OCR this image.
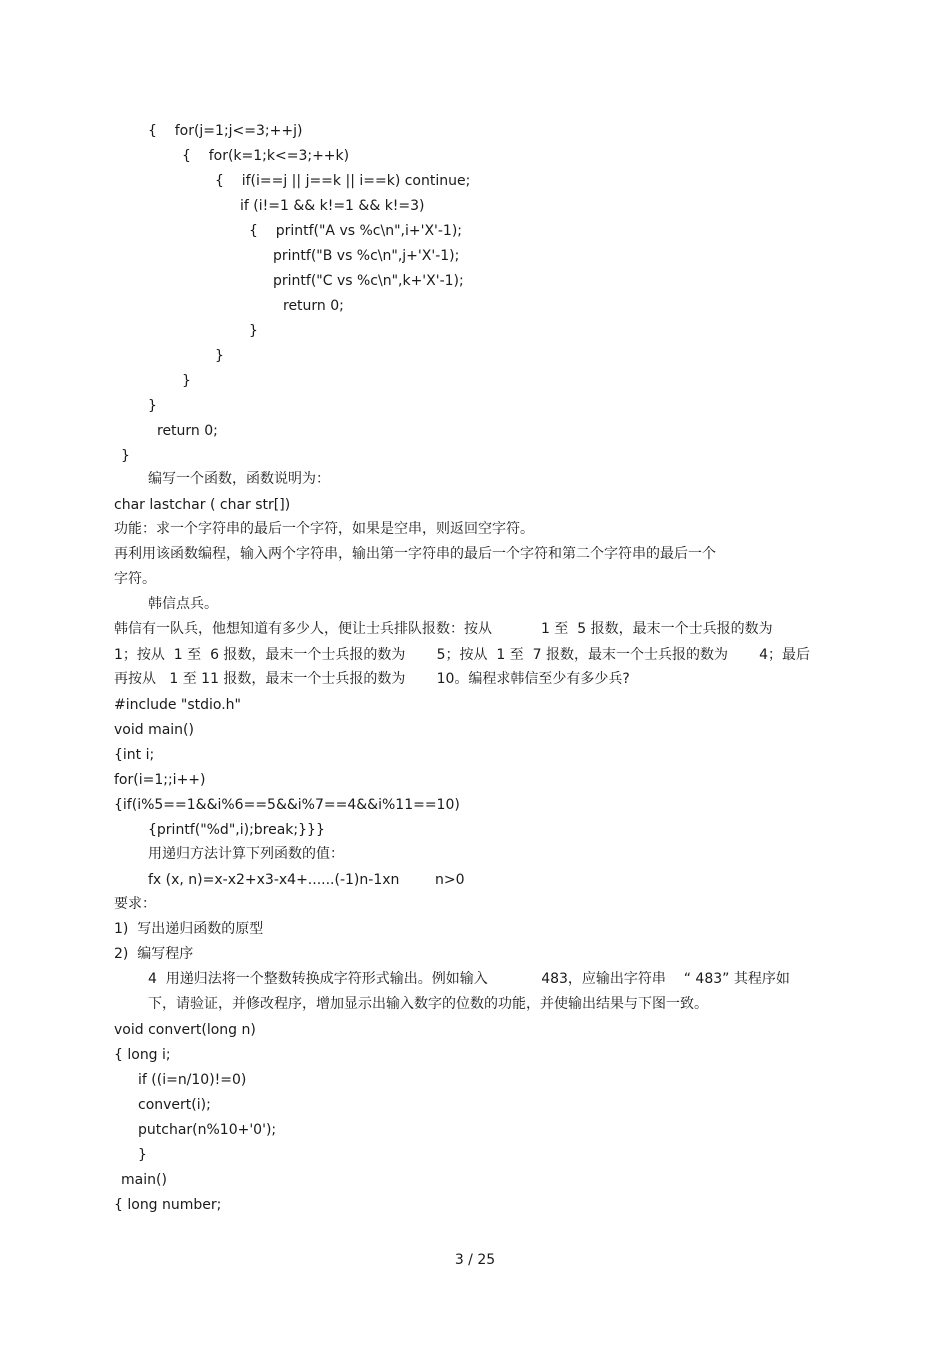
{    for(j=1;j<=3;++j)
{    for(k=1;k<=3;++k)
{    if(i==j || j==k || i==k) continue;
if (i!=1 && k!=1 && k!=3)
{    printf("A vs %c\n",i+'X'-1);
printf("B vs %c\n",j+'X'-1);
printf("C vs %c\n",k+'X'-1);
return 0;
}
}
}
}
return 0;
}
编写一个函数，函数说明为：
char lastchar ( char str[])
功能：求一个字符串的最后一个字符，如果是空串，则返回空字符。
再利用该函数编程，输入两个字符串，输出第一字符串的最后一个字符和第二个字符串的最后一个
字符。
韩信点兵。
韩信有一队兵，他想知道有多少人，便让士兵排队报数：按从           1 至  5 报数，最末一个士兵报的数为
1；按从  1 至  6 报数，最末一个士兵报的数为       5；按从  1 至  7 报数，最末一个士兵报的数为       4；最后
再按从   1 至 11 报数，最末一个士兵报的数为       10。编程求韩信至少有多少兵?
#include "stdio.h"
void main()
{int i;
for(i=1;;i++)
{if(i%5==1&&i%6==5&&i%7==4&&i%11==10)
{printf("%d",i);break;}}}
用递归方法计算下列函数的值：
fx (x, n)=x-x2+x3-x4+......(-1)n-1xn        n>0
要求：
1)  写出递归函数的原型
2)  编写程序
4  用递归法将一个整数转换成字符形式输出。例如输入            483，应输出字符串    “ 483” 其程序如
下，请验证，并修改程序，增加显示出输入数字的位数的功能，并使输出结果与下图一致。
void convert(long n)
{ long i;
if ((i=n/10)!=0)
convert(i);
putchar(n%10+'0');
}
main()
{ long number;
3 / 25
